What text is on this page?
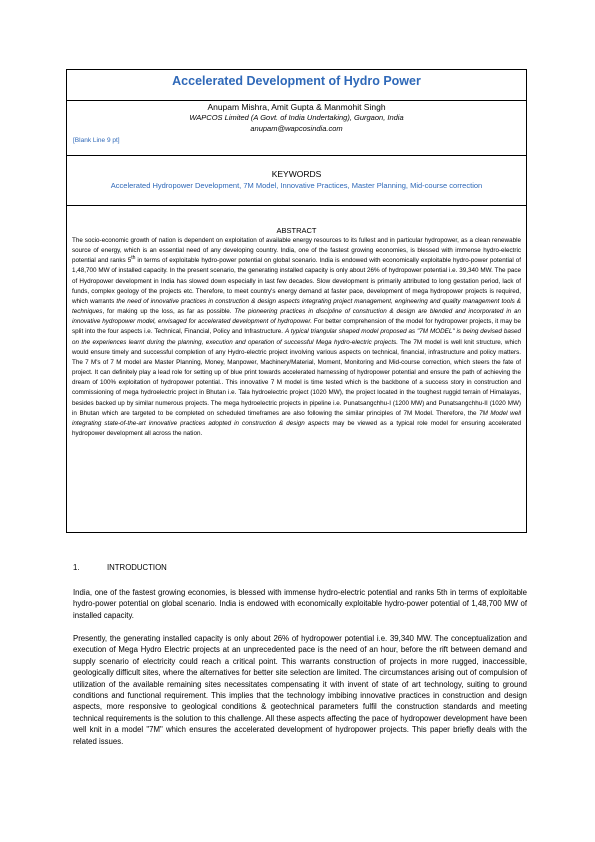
Accelerated Development of Hydro Power
Anupam Mishra, Amit Gupta & Manmohit Singh
WAPCOS Limited (A Govt. of India Undertaking), Gurgaon, India
anupam@wapcosindia.com
[Blank Line 9 pt]
KEYWORDS
Accelerated Hydropower Development, 7M Model, Innovative Practices, Master Planning, Mid-course correction
ABSTRACT

The socio-economic growth of nation is dependent on exploitation of available energy resources to its fullest and in particular hydropower, as a clean renewable source of energy, which is an essential need of any developing country. India, one of the fastest growing economies, is blessed with immense hydro-electric potential and ranks 5th in terms of exploitable hydro-power potential on global scenario. India is endowed with economically exploitable hydro-power potential of 1,48,700 MW of installed capacity. In the present scenario, the generating installed capacity is only about 26% of hydropower potential i.e. 39,340 MW. The pace of Hydropower development in India has slowed down especially in last few decades. Slow development is primarily attributed to long gestation period, lack of funds, complex geology of the projects etc. Therefore, to meet country's energy demand at faster pace, development of mega hydropower projects is required, which warrants the need of innovative practices in construction & design aspects integrating project management, engineering and quality management tools & techniques, for making up the loss, as far as possible. The pioneering practices in discipline of construction & design are blended and incorporated in an innovative hydropower model, envisaged for accelerated development of hydropower. For better comprehension of the model for hydropower projects, it may be split into the four aspects i.e. Technical, Financial, Policy and Infrastructure. A typical triangular shaped model proposed as "7M MODEL" is being devised based on the experiences learnt during the planning, execution and operation of successful Mega hydro-electric projects. The 7M model is well knit structure, which would ensure timely and successful completion of any Hydro-electric project involving various aspects on technical, financial, infrastructure and policy matters. The 7 M's of 7 M model are Master Planning, Money, Manpower, Machinery/Material, Moment, Monitoring and Mid-course correction, which steers the fate of project. It can definitely play a lead role for setting up of blue print towards accelerated harnessing of hydropower potential and ensure the path of achieving the dream of 100% exploitation of hydropower potential.. This innovative 7 M model is time tested which is the backbone of a success story in construction and commissioning of mega hydroelectric project in Bhutan i.e. Tala hydroelectric project (1020 MW), the project located in the toughest ruggid terrain of Himalayas, besides backed up by similar numerous projects. The mega hydroelectric projects in pipeline i.e. Punatsangchhu-I (1200 MW) and Punatsangchhu-II (1020 MW) in Bhutan which are targeted to be completed on scheduled timeframes are also following the similar principles of 7M Model. Therefore, the 7M Model well integrating state-of-the-art innovative practices adopted in construction & design aspects may be viewed as a typical role model for ensuring accelerated hydropower development all across the nation.

1.	INTRODUCTION

India, one of the fastest growing economies, is blessed with immense hydro-electric potential and ranks 5th in terms of exploitable hydro-power potential on global scenario. India is endowed with economically exploitable hydro-power potential of 1,48,700 MW of installed capacity.

Presently, the generating installed capacity is only about 26% of hydropower potential i.e. 39,340 MW. The conceptualization and execution of Mega Hydro Electric projects at an unprecedented pace is the need of an hour, before the rift between demand and supply scenario of electricity could reach a critical point. This warrants construction of projects in more rugged, inaccessible, geologically difficult sites, where the alternatives for better site selection are limited. The circumstances arising out of compulsion of utilization of the available remaining sites necessitates compensating it with invent of state of art technology, suiting to ground conditions and functional requirement. This implies that the technology imbibing innovative practices in construction and design aspects, more responsive to geological conditions & geotechnical parameters fulfil the construction standards and meeting technical requirements is the solution to this challenge. All these aspects affecting the pace of hydropower development have been well knit in a model "7M" which ensures the accelerated development of hydropower projects. This paper briefly deals with the related issues.
